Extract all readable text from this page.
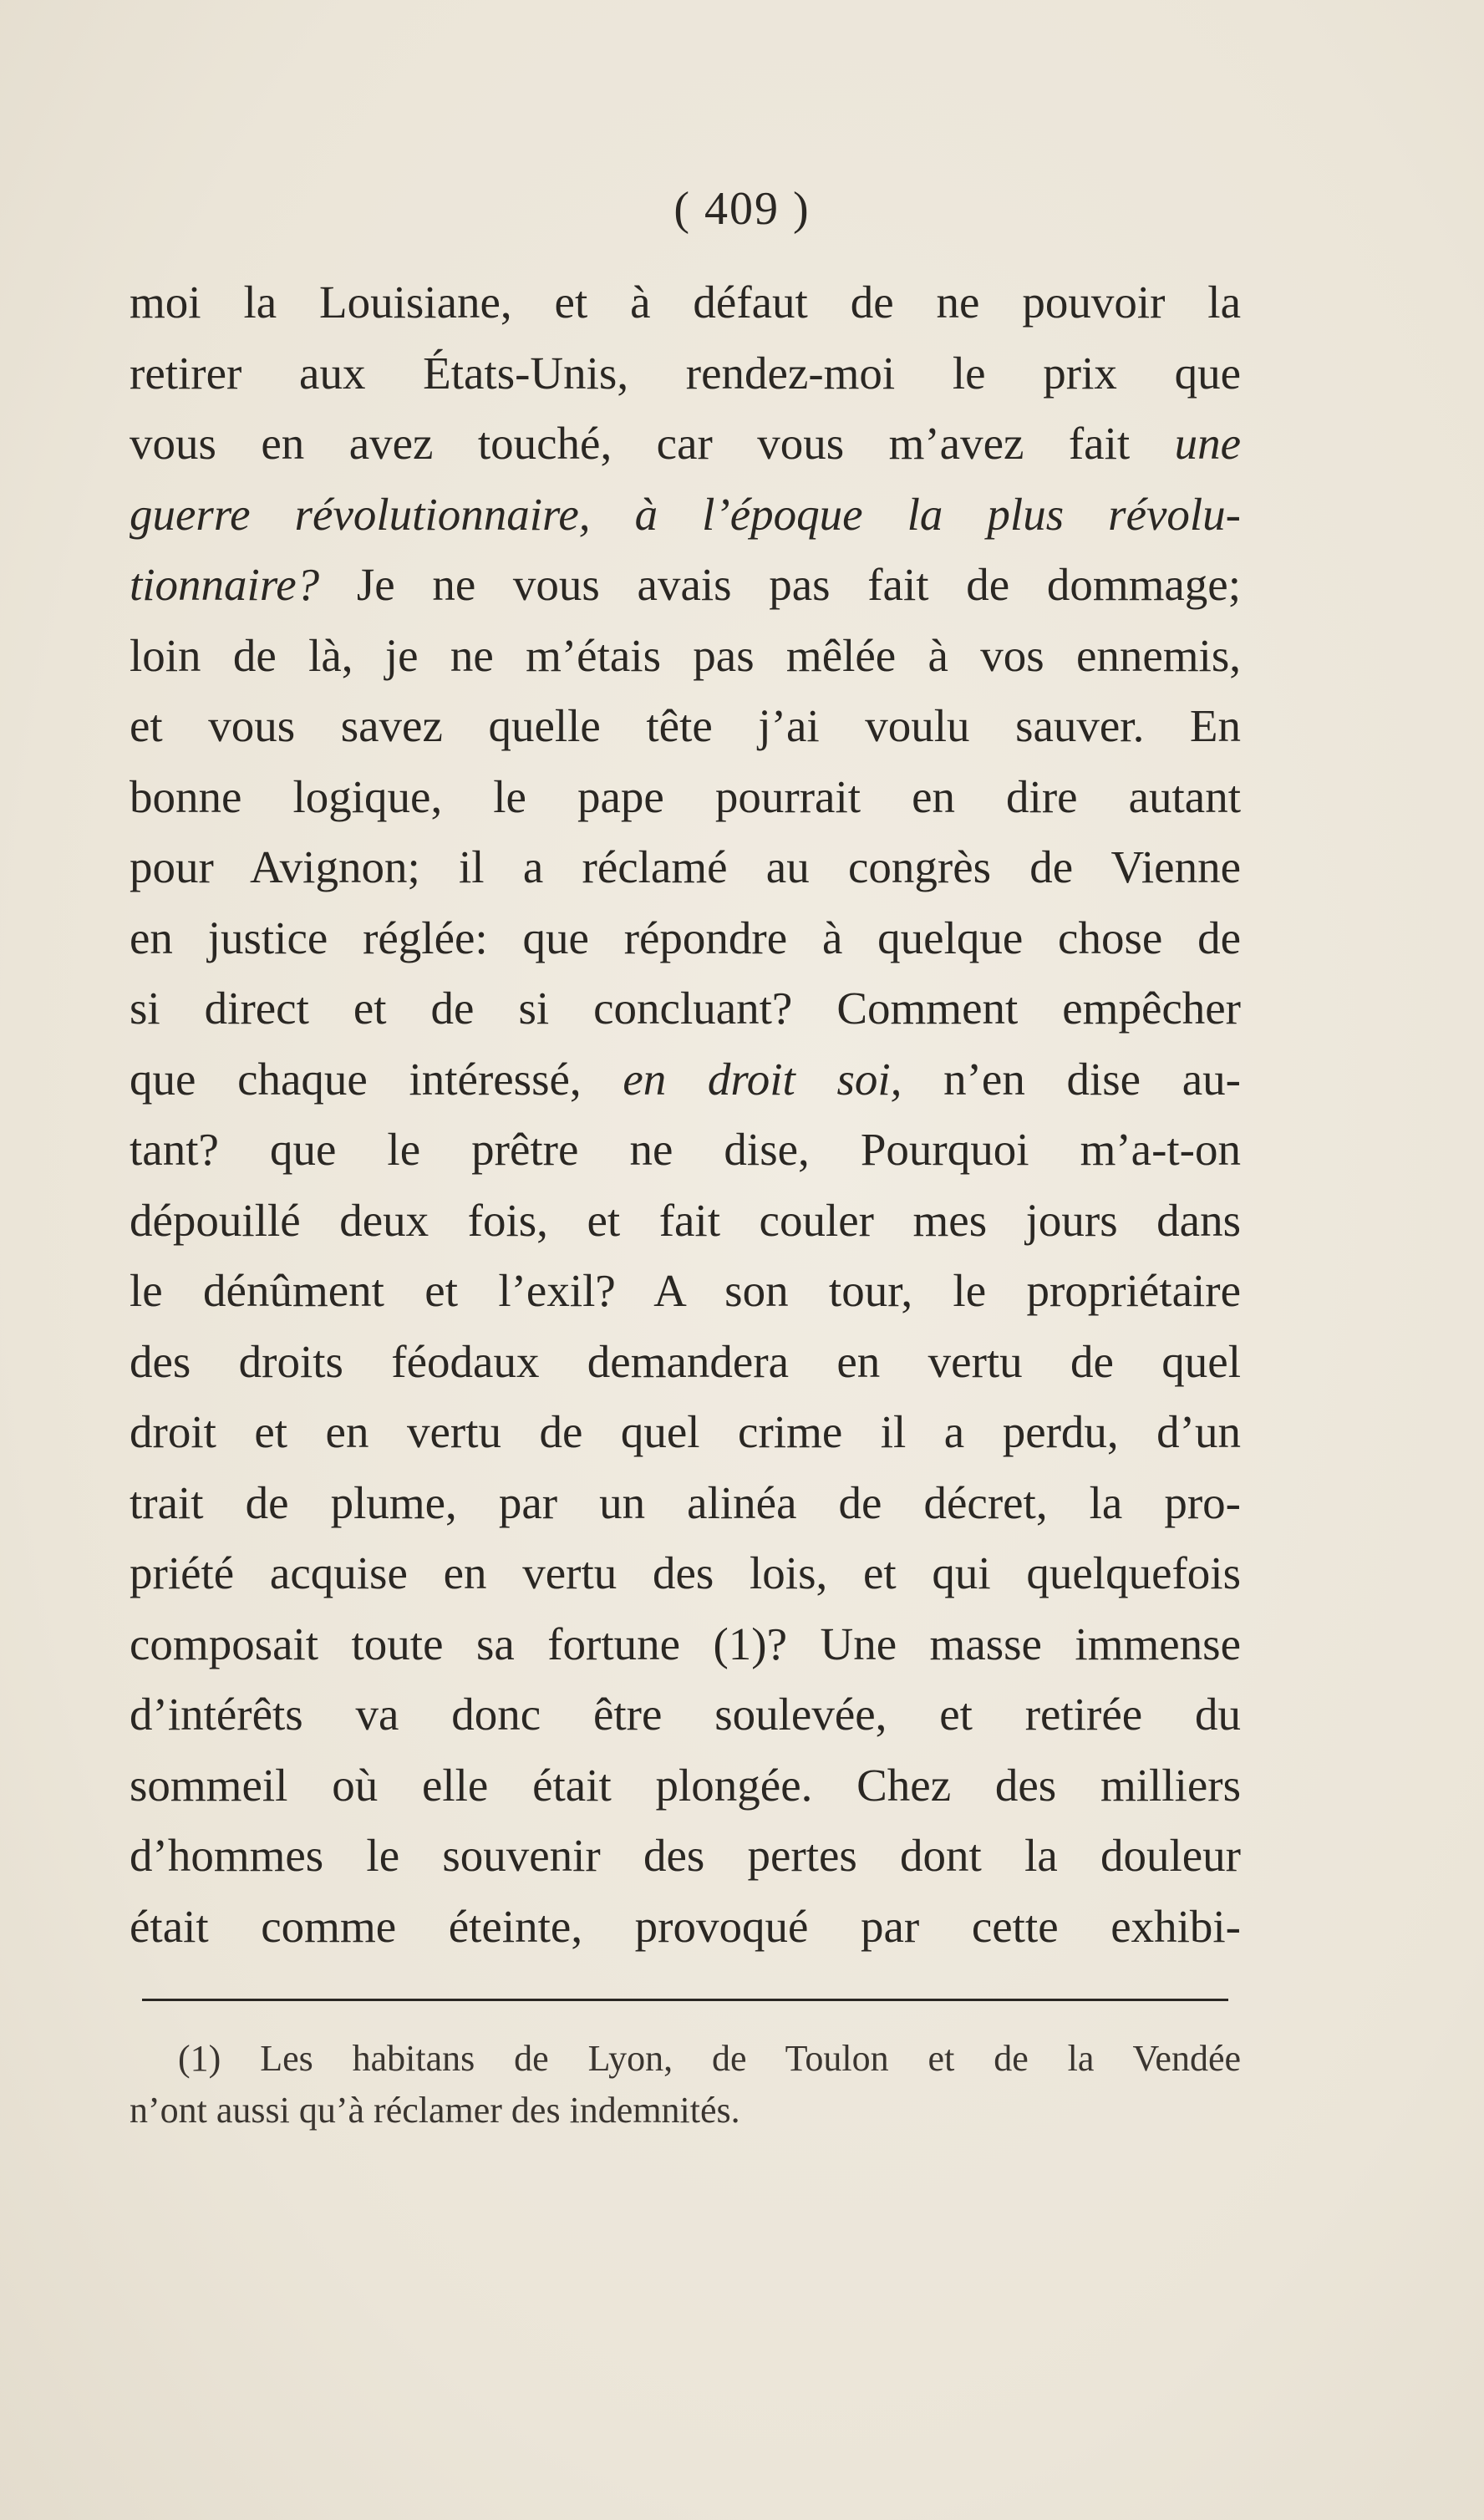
( 409 )
moi la Louisiane, et à défaut de ne pouvoir la
retirer aux États-Unis, rendez-moi le prix que
vous en avez touché, car vous m’avez fait une
guerre révolutionnaire, à l’époque la plus révolu-
tionnaire? Je ne vous avais pas fait de dommage;
loin de là, je ne m’étais pas mêlée à vos ennemis,
et vous savez quelle tête j’ai voulu sauver. En
bonne logique, le pape pourrait en dire autant
pour Avignon; il a réclamé au congrès de Vienne
en justice réglée: que répondre à quelque chose de
si direct et de si concluant? Comment empêcher
que chaque intéressé, en droit soi, n’en dise au-
tant? que le prêtre ne dise, Pourquoi m’a-t-on
dépouillé deux fois, et fait couler mes jours dans
le dénûment et l’exil? A son tour, le propriétaire
des droits féodaux demandera en vertu de quel
droit et en vertu de quel crime il a perdu, d’un
trait de plume, par un alinéa de décret, la pro-
priété acquise en vertu des lois, et qui quelquefois
composait toute sa fortune (1)? Une masse immense
d’intérêts va donc être soulevée, et retirée du
sommeil où elle était plongée. Chez des milliers
d’hommes le souvenir des pertes dont la douleur
était comme éteinte, provoqué par cette exhibi-
(1) Les habitans de Lyon, de Toulon et de la Vendée
n’ont aussi qu’à réclamer des indemnités.
